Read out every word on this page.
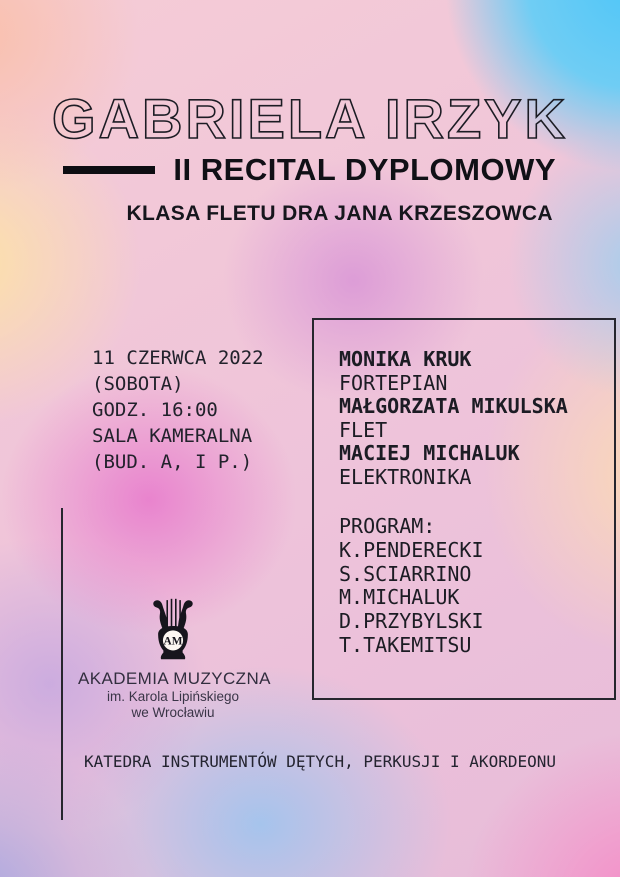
GABRIELA IRZYK
II RECITAL DYPLOMOWY
KLASA FLETU DRA JANA KRZESZOWCA
11 CZERWCA 2022
(SOBOTA)
GODZ. 16:00
SALA KAMERALNA
(BUD. A, I P.)
MONIKA KRUK
FORTEPIAN
MAŁGORZATA MIKULSKA
FLET
MACIEJ MICHALUK
ELEKTRONIKA
PROGRAM:
K.PENDERECKI
S.SCIARRINO
M.MICHALUK
D.PRZYBYLSKI
T.TAKEMITSU
AM
AKADEMIA MUZYCZNA
im. Karola Lipińskiego
we Wrocławiu
KATEDRA INSTRUMENTÓW DĘTYCH, PERKUSJI I AKORDEONU
